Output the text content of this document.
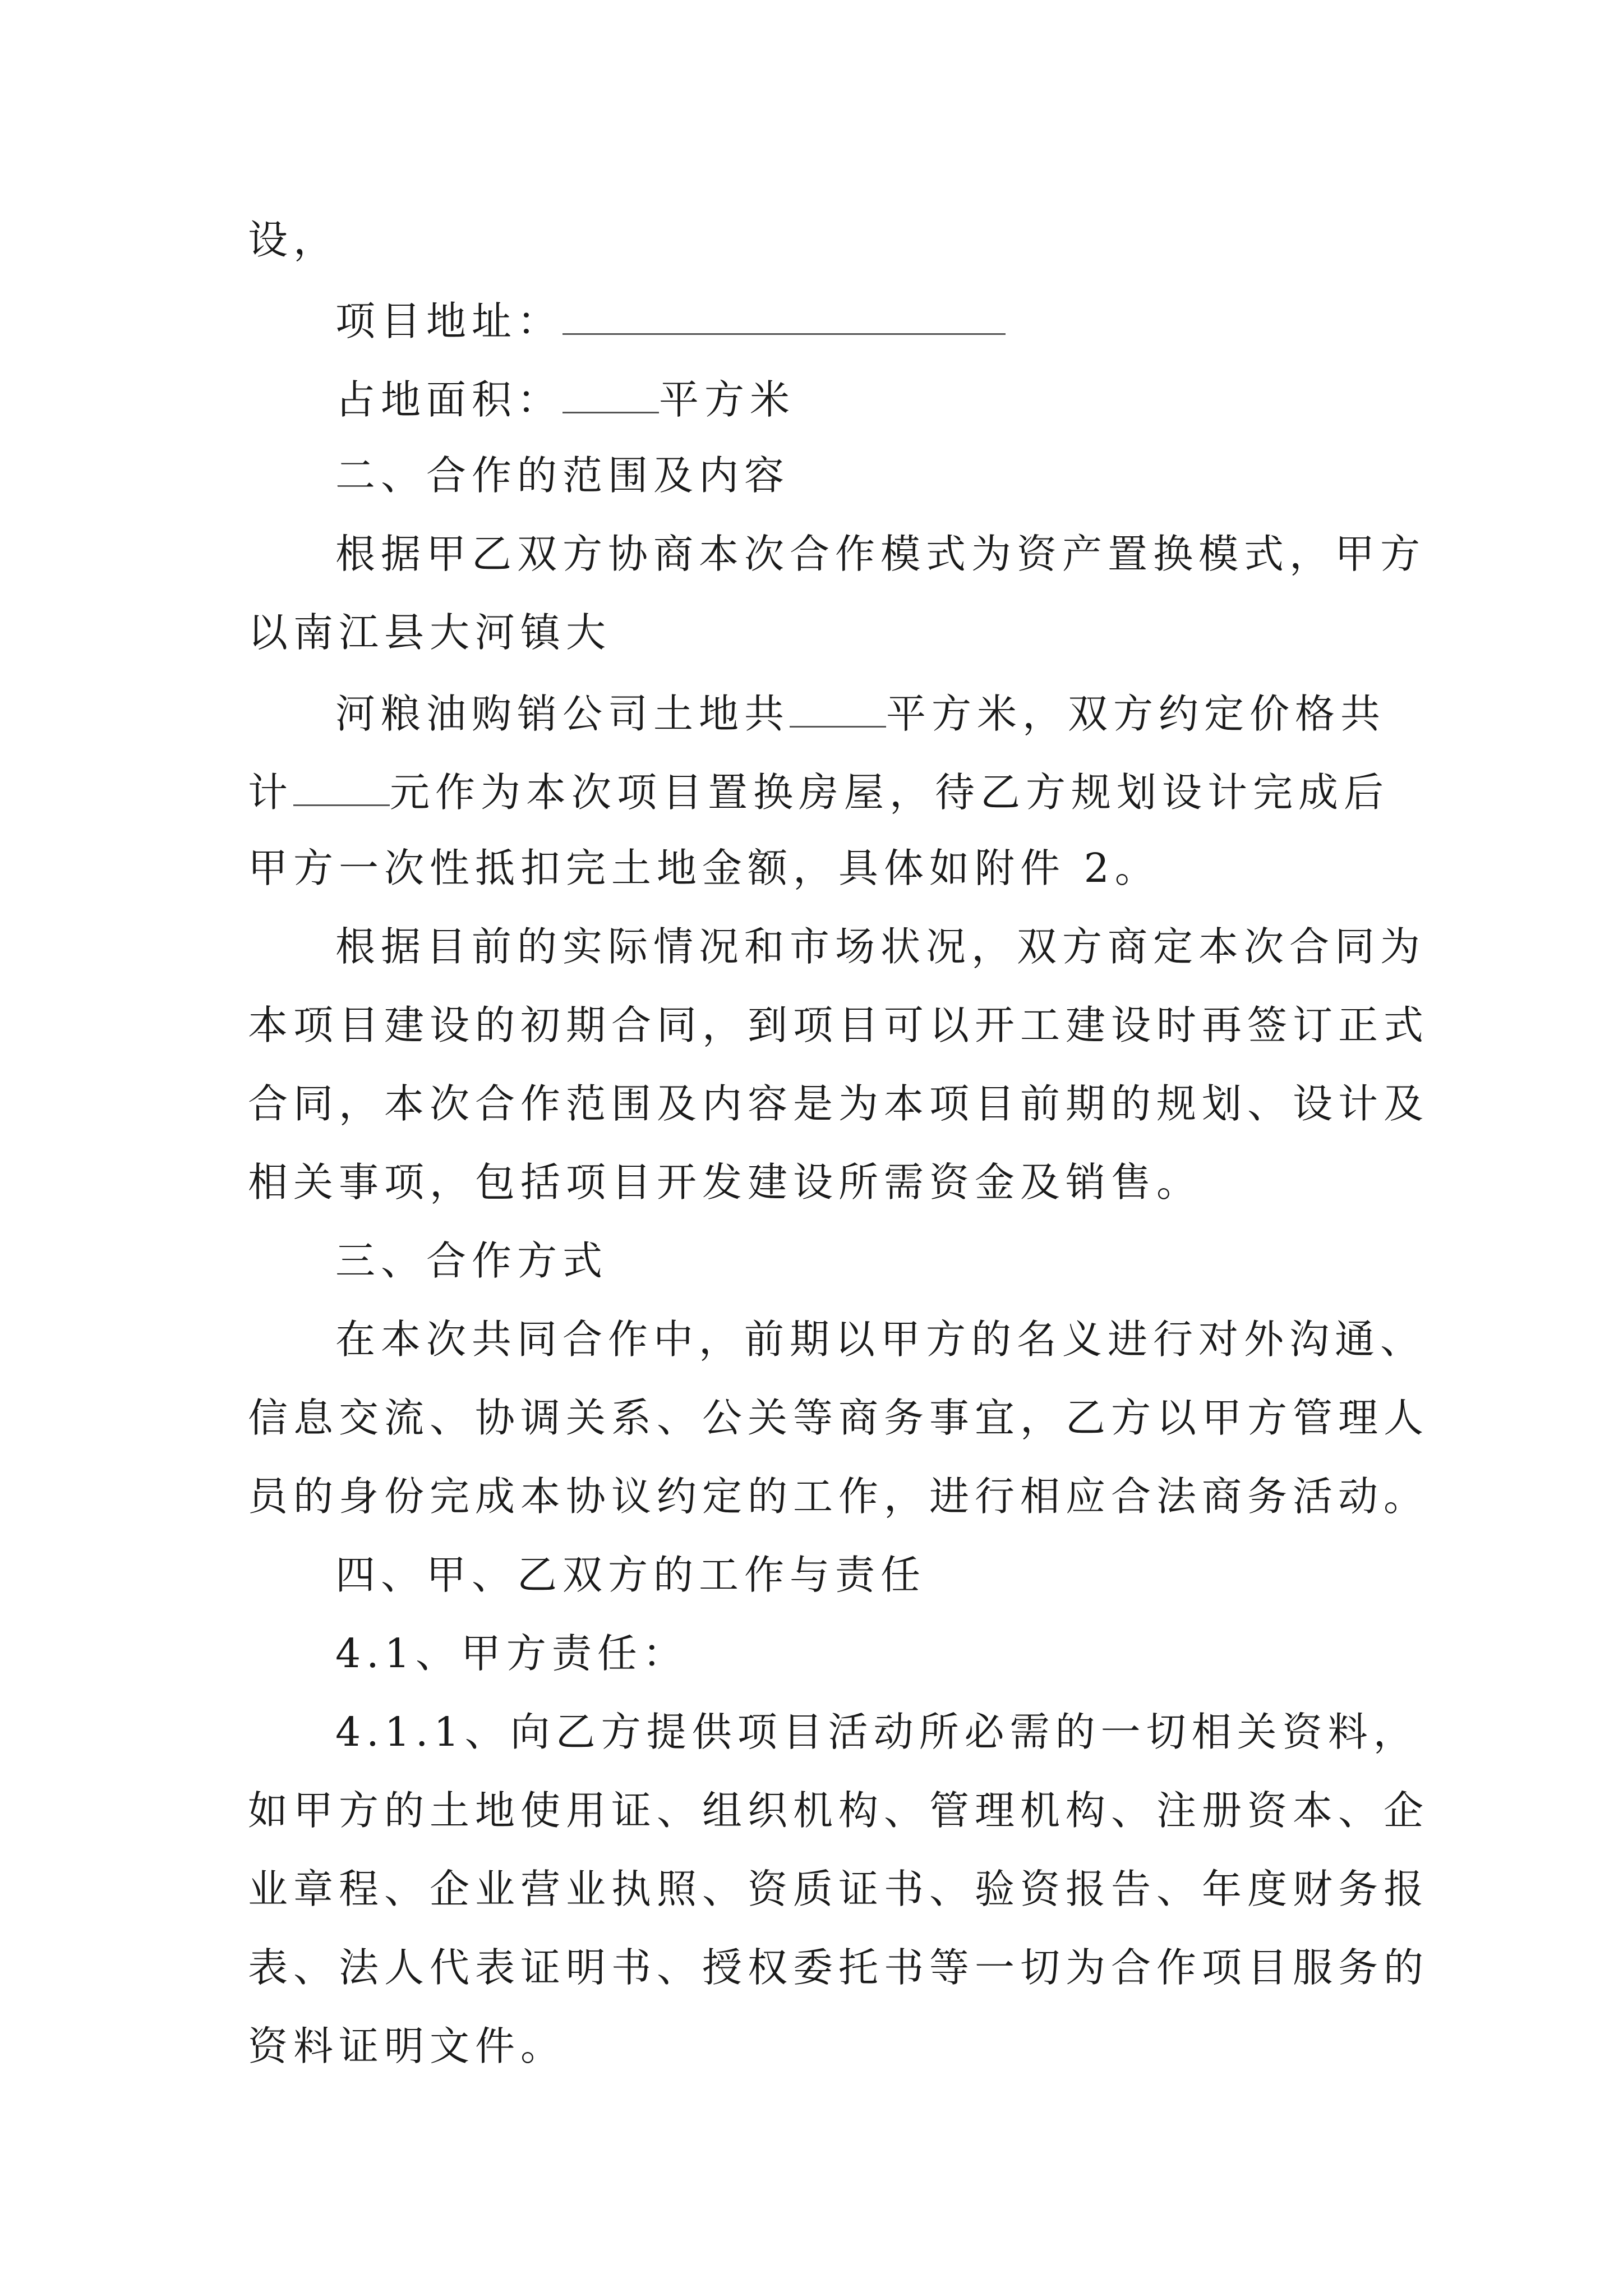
设，
项目地址：
占地面积： 平方米
二、合作的范围及内容
根据甲乙双方协商本次合作模式为资产置换模式，甲方
以南江县大河镇大
河粮油购销公司土地共 平方米，双方约定价格共
计 元作为本次项目置换房屋，待乙方规划设计完成后
甲方一次性抵扣完土地金额，具体如附件 2。
根据目前的实际情况和市场状况，双方商定本次合同为
本项目建设的初期合同，到项目可以开工建设时再签订正式
合同，本次合作范围及内容是为本项目前期的规划、设计及
相关事项，包括项目开发建设所需资金及销售。
三、合作方式
在本次共同合作中，前期以甲方的名义进行对外沟通、
信息交流、协调关系、公关等商务事宜，乙方以甲方管理人
员的身份完成本协议约定的工作，进行相应合法商务活动。
四、甲、乙双方的工作与责任
4.1、甲方责任：
4.1.1、向乙方提供项目活动所必需的一切相关资料，
如甲方的土地使用证、组织机构、管理机构、注册资本、企
业章程、企业营业执照、资质证书、验资报告、年度财务报
表、法人代表证明书、授权委托书等一切为合作项目服务的
资料证明文件。
